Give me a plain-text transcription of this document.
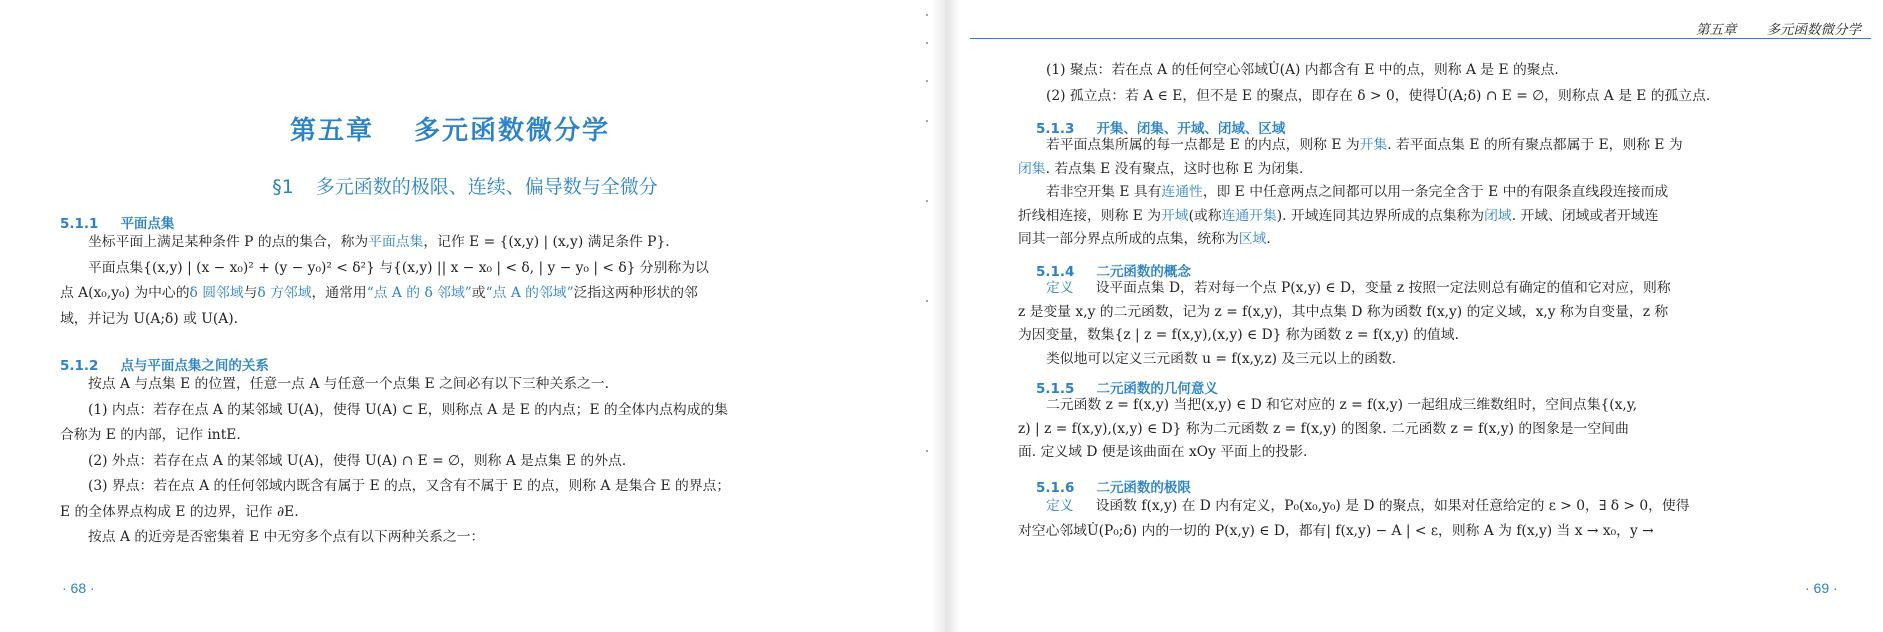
第五章 多元函数微分学
§1 多元函数的极限、连续、偏导数与全微分
5.1.1 平面点集
坐标平面上满足某种条件 P 的点的集合，称为平面点集，记作 E = {(x,y) | (x,y) 满足条件 P}.
平面点集{(x,y) | (x − x₀)² + (y − y₀)² < δ²} 与{(x,y) || x − x₀ | < δ, | y − y₀ | < δ} 分别称为以
点 A(x₀,y₀) 为中心的δ 圆邻域与δ 方邻域，通常用“点 A 的 δ 邻域”或“点 A 的邻域”泛指这两种形状的邻
域，并记为 U(A;δ) 或 U(A).
5.1.2 点与平面点集之间的关系
按点 A 与点集 E 的位置，任意一点 A 与任意一个点集 E 之间必有以下三种关系之一.
(1) 内点：若存在点 A 的某邻域 U(A)，使得 U(A) ⊂ E，则称点 A 是 E 的内点；E 的全体内点构成的集
合称为 E 的内部，记作 intE.
(2) 外点：若存在点 A 的某邻域 U(A)，使得 U(A) ∩ E = ∅，则称 A 是点集 E 的外点.
(3) 界点：若在点 A 的任何邻域内既含有属于 E 的点，又含有不属于 E 的点，则称 A 是集合 E 的界点；
E 的全体界点构成 E 的边界，记作 ∂E.
按点 A 的近旁是否密集着 E 中无穷多个点有以下两种关系之一：
· 68 ·
第五章 多元函数微分学
(1) 聚点：若在点 A 的任何空心邻域U̇(A) 内都含有 E 中的点，则称 A 是 E 的聚点.
(2) 孤立点：若 A ∈ E，但不是 E 的聚点，即存在 δ > 0，使得U̇(A;δ) ∩ E = ∅，则称点 A 是 E 的孤立点.
5.1.3 开集、闭集、开域、闭域、区域
若平面点集所属的每一点都是 E 的内点，则称 E 为开集. 若平面点集 E 的所有聚点都属于 E，则称 E 为
闭集. 若点集 E 没有聚点，这时也称 E 为闭集.
若非空开集 E 具有连通性，即 E 中任意两点之间都可以用一条完全含于 E 中的有限条直线段连接而成
折线相连接，则称 E 为开域(或称连通开集). 开域连同其边界所成的点集称为闭域. 开域、闭域或者开域连
同其一部分界点所成的点集，统称为区域.
5.1.4 二元函数的概念
定义 设平面点集 D，若对每一个点 P(x,y) ∈ D，变量 z 按照一定法则总有确定的值和它对应，则称
z 是变量 x,y 的二元函数，记为 z = f(x,y)，其中点集 D 称为函数 f(x,y) 的定义域，x,y 称为自变量，z 称
为因变量，数集{z | z = f(x,y),(x,y) ∈ D} 称为函数 z = f(x,y) 的值域.
类似地可以定义三元函数 u = f(x,y,z) 及三元以上的函数.
5.1.5 二元函数的几何意义
二元函数 z = f(x,y) 当把(x,y) ∈ D 和它对应的 z = f(x,y) 一起组成三维数组时，空间点集{(x,y,
z) | z = f(x,y),(x,y) ∈ D} 称为二元函数 z = f(x,y) 的图象. 二元函数 z = f(x,y) 的图象是一空间曲
面. 定义域 D 便是该曲面在 xOy 平面上的投影.
5.1.6 二元函数的极限
定义 设函数 f(x,y) 在 D 内有定义，P₀(x₀,y₀) 是 D 的聚点，如果对任意给定的 ε > 0，∃ δ > 0，使得
对空心邻域U̇(P₀;δ) 内的一切的 P(x,y) ∈ D，都有| f(x,y) − A | < ε，则称 A 为 f(x,y) 当 x → x₀，y →
· 69 ·
